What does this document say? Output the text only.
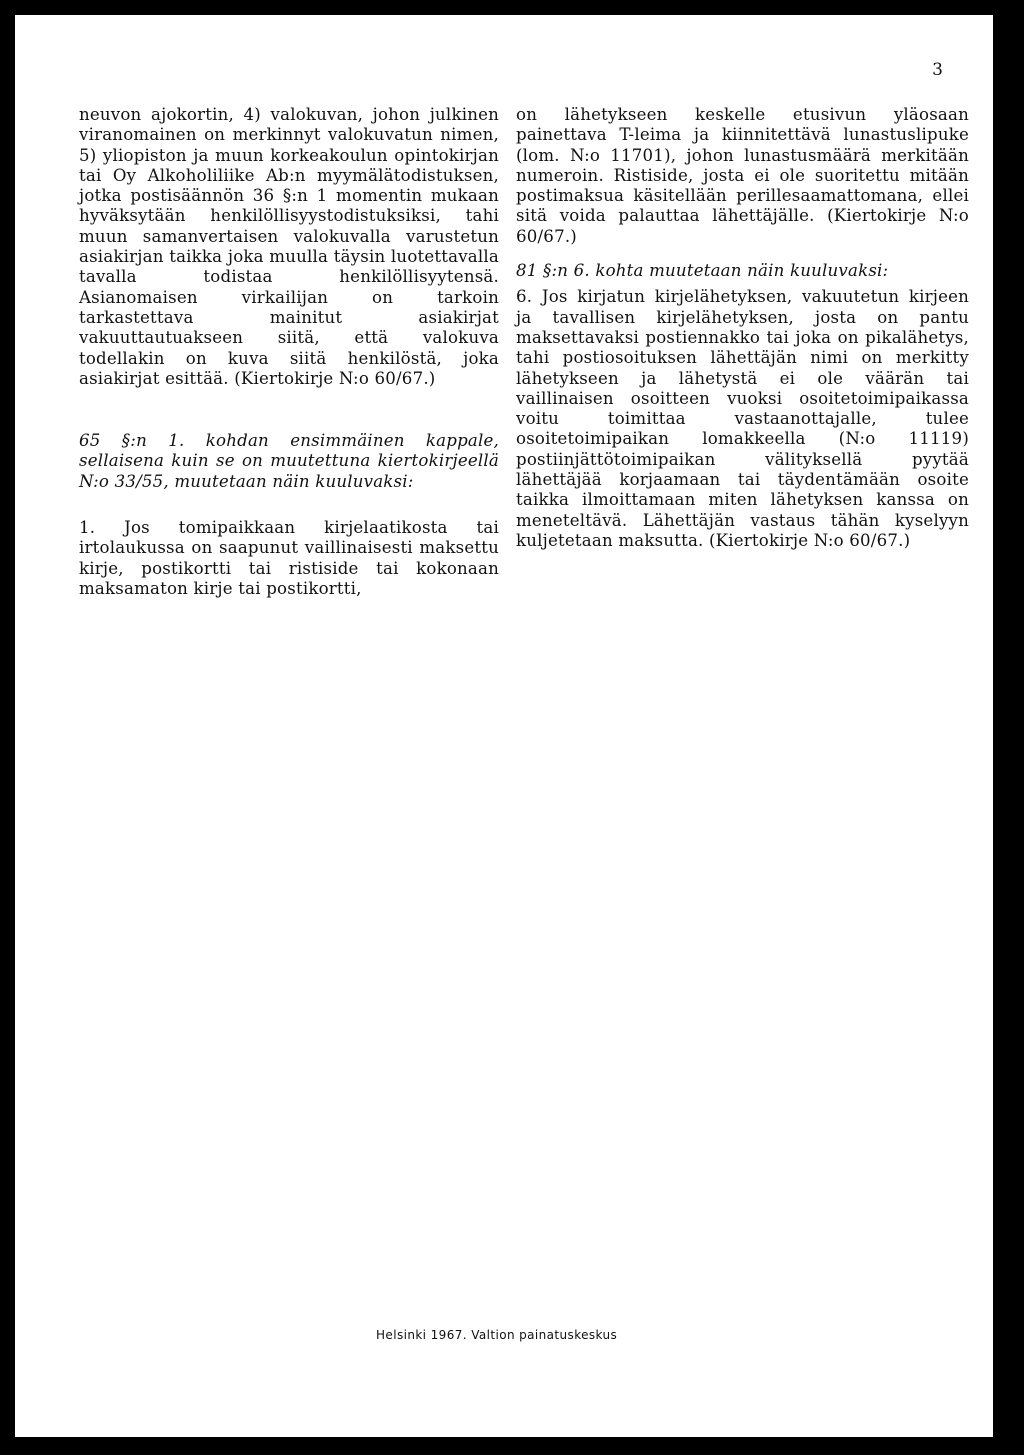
3

neuvon ajokortin, 4) valokuvan, johon julkinen viranomainen on merkinnyt valokuvatun nimen, 5) yliopiston ja muun korkeakoulun opintokirjan tai Oy Alkoholiliike Ab:n myymälätodistuksen, jotka postisäännön 36 §:n 1 momentin mukaan hyväksytään henkilöllisyystodistuksiksi, tahi muun samanvertaisen valokuvalla varustetun asiakirjan taikka joka muulla täysin luotettavalla tavalla todistaa henkilöllisyytensä. Asianomaisen virkailijan on tarkoin tarkastettava mainitut asiakirjat vakuuttautuakseen siitä, että valokuva todellakin on kuva siitä henkilöstä, joka asiakirjat esittää. (Kiertokirje N:o 60/67.)

65 §:n 1. kohdan ensimmäinen kappale, sellaisena kuin se on muutettuna kiertokirjeellä N:o 33/55, muutetaan näin kuuluvaksi:

1. Jos tomipaikkaan kirjelaatikosta tai irtolaukussa on saapunut vaillinaisesti maksettu kirje, postikortti tai ristiside tai kokonaan maksamaton kirje tai postikortti,

on lähetykseen keskelle etusivun yläosaan painettava T-leima ja kiinnitettävä lunastuslipuke (lom. N:o 11701), johon lunastusmäärä merkitään numeroin. Ristiside, josta ei ole suoritettu mitään postimaksua käsitellään perillesaamattomana, ellei sitä voida palauttaa lähettäjälle. (Kiertokirje N:o 60/67.)

81 §:n 6. kohta muutetaan näin kuuluvaksi:

6. Jos kirjatun kirjelähetyksen, vakuutetun kirjeen ja tavallisen kirjelähetyksen, josta on pantu maksettavaksi postiennakko tai joka on pikalähetys, tahi postiosoituksen lähettäjän nimi on merkitty lähetykseen ja lähetystä ei ole väärän tai vaillinaisen osoitteen vuoksi osoitetoimipaikassa voitu toimittaa vastaanottajalle, tulee osoitetoimipaikan lomakkeella (N:o 11119) postiinjättötoimipaikan välityksellä pyytää lähettäjää korjaamaan tai täydentämään osoite taikka ilmoittamaan miten lähetyksen kanssa on meneteltävä. Lähettäjän vastaus tähän kyselyyn kuljetetaan maksutta. (Kiertokirje N:o 60/67.)

Helsinki 1967. Valtion painatuskeskus
